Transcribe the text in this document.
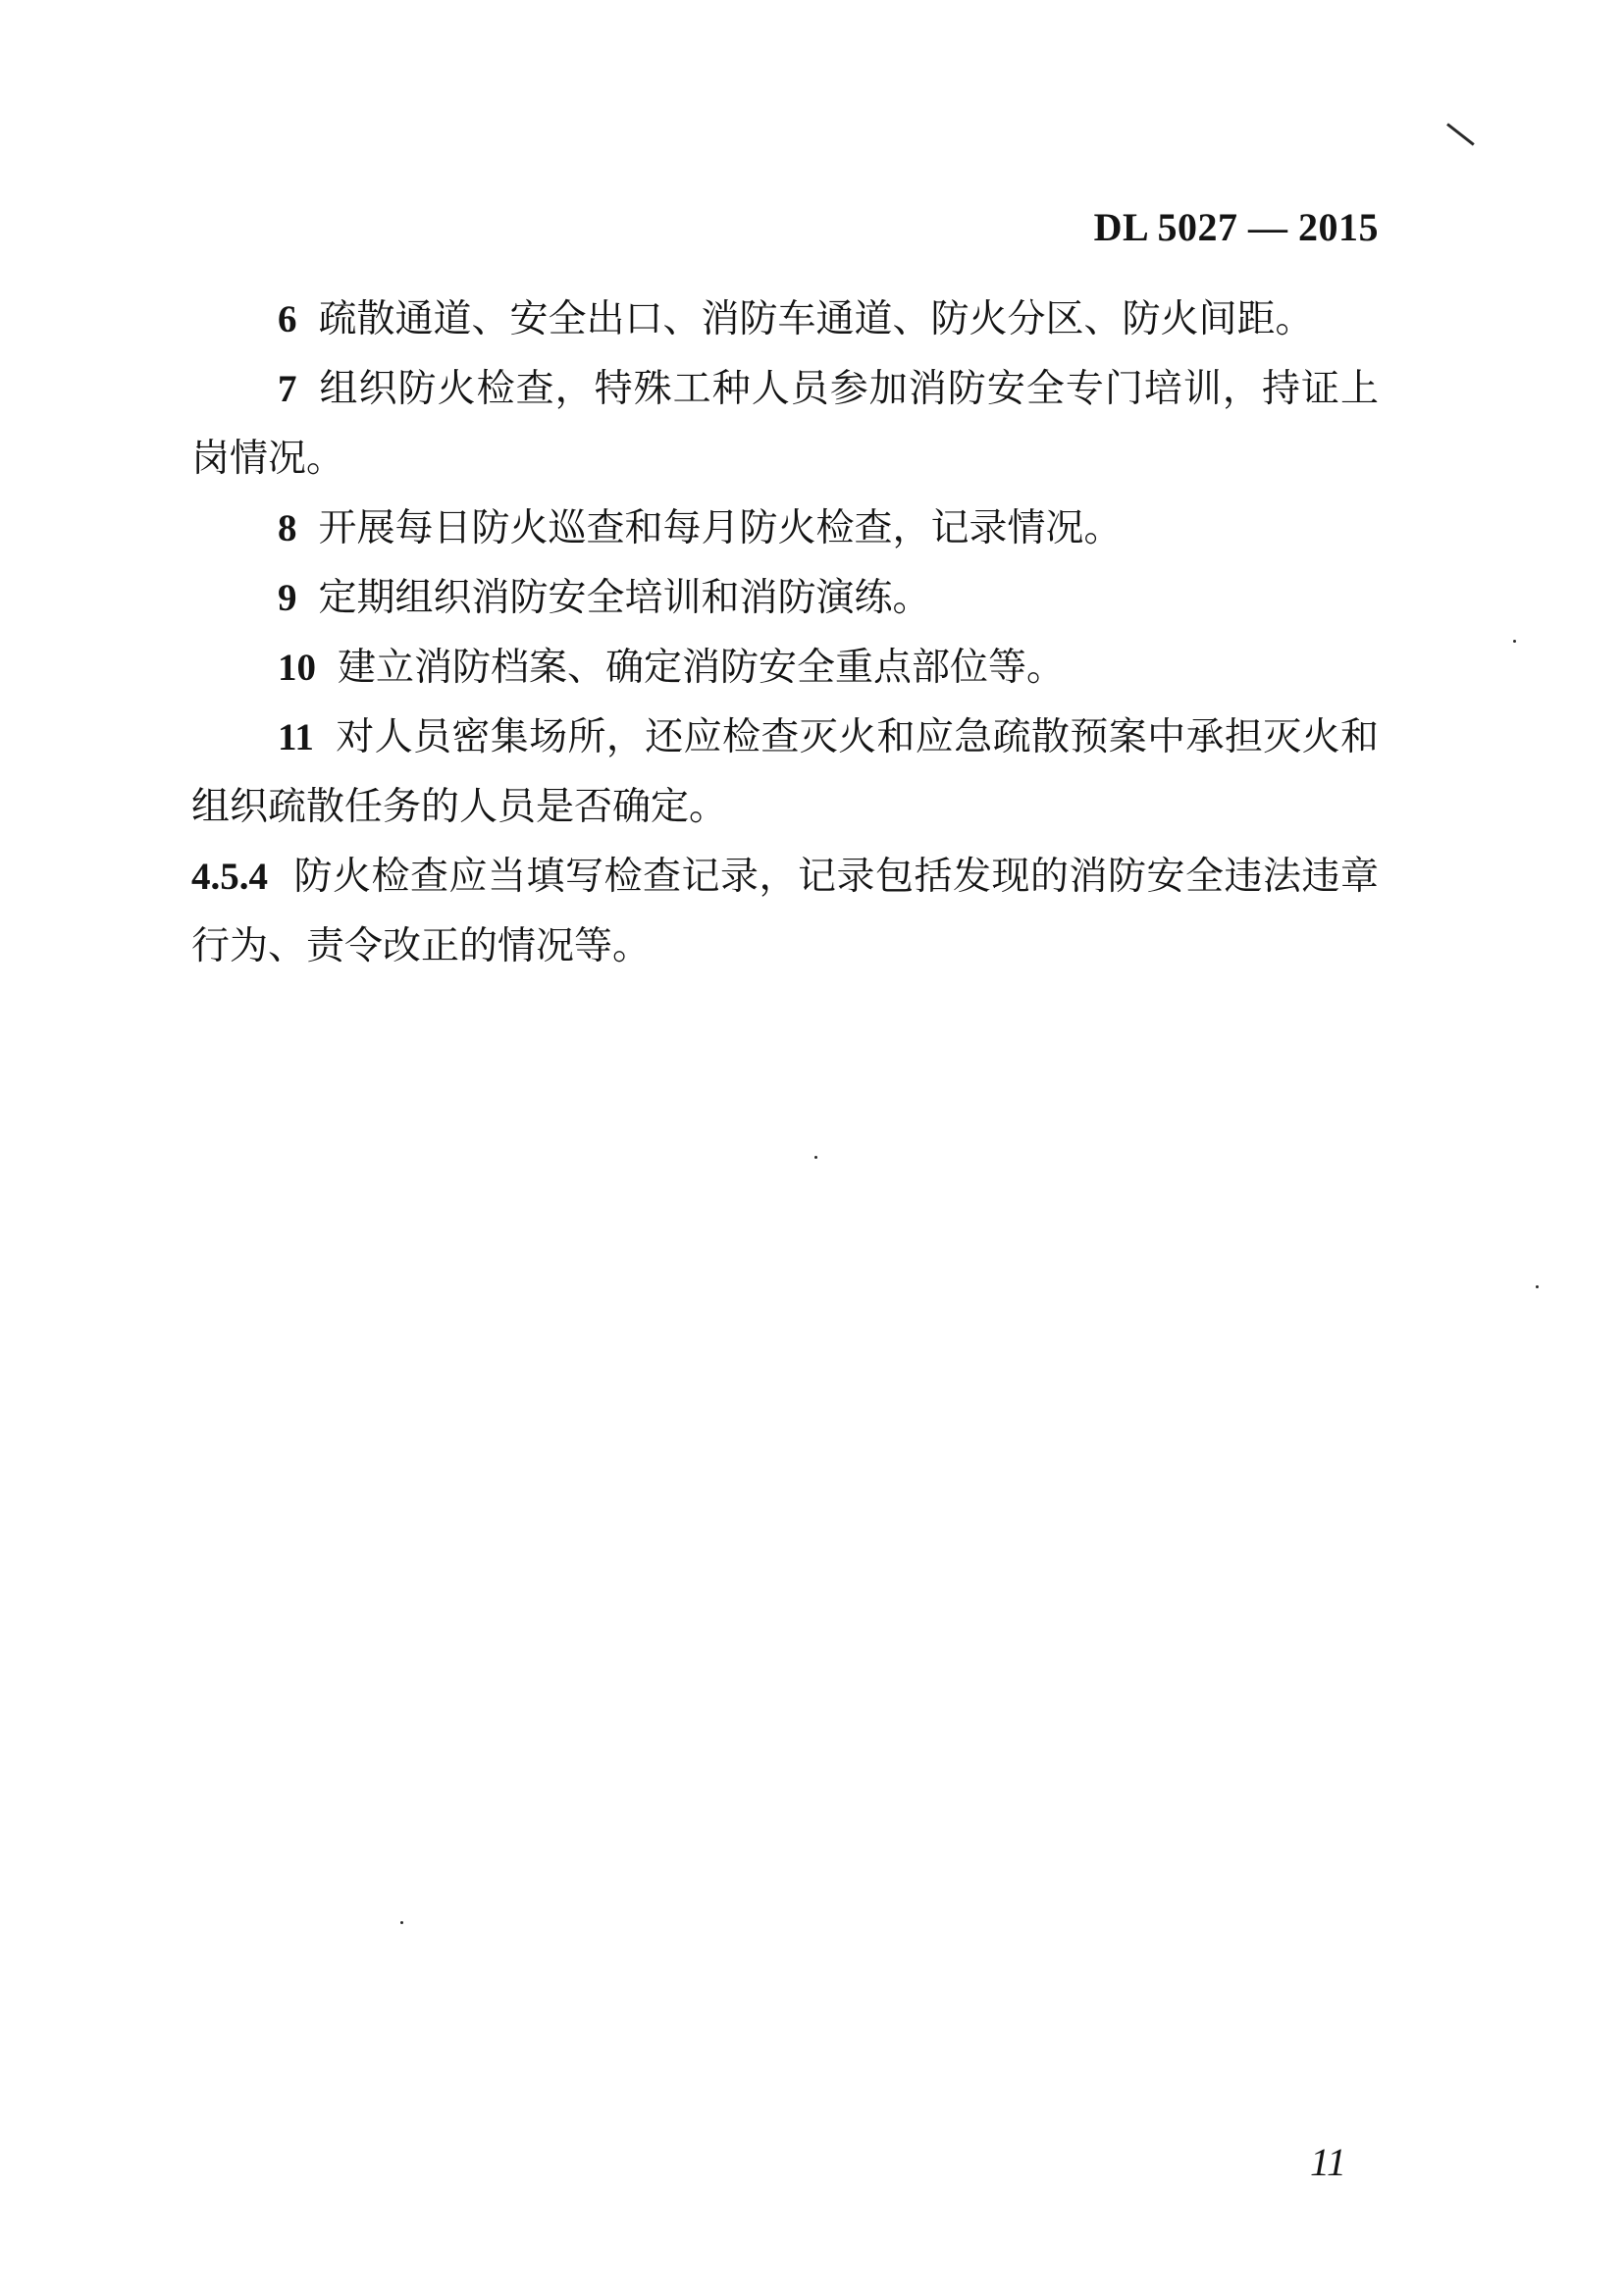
DL 5027 — 2015

6 疏散通道、安全出口、消防车通道、防火分区、防火间距。

7 组织防火检查，特殊工种人员参加消防安全专门培训，持证上岗情况。

8 开展每日防火巡查和每月防火检查，记录情况。

9 定期组织消防安全培训和消防演练。

10 建立消防档案、确定消防安全重点部位等。

11 对人员密集场所，还应检查灭火和应急疏散预案中承担灭火和组织疏散任务的人员是否确定。

4.5.4 防火检查应当填写检查记录，记录包括发现的消防安全违法违章行为、责令改正的情况等。

11
